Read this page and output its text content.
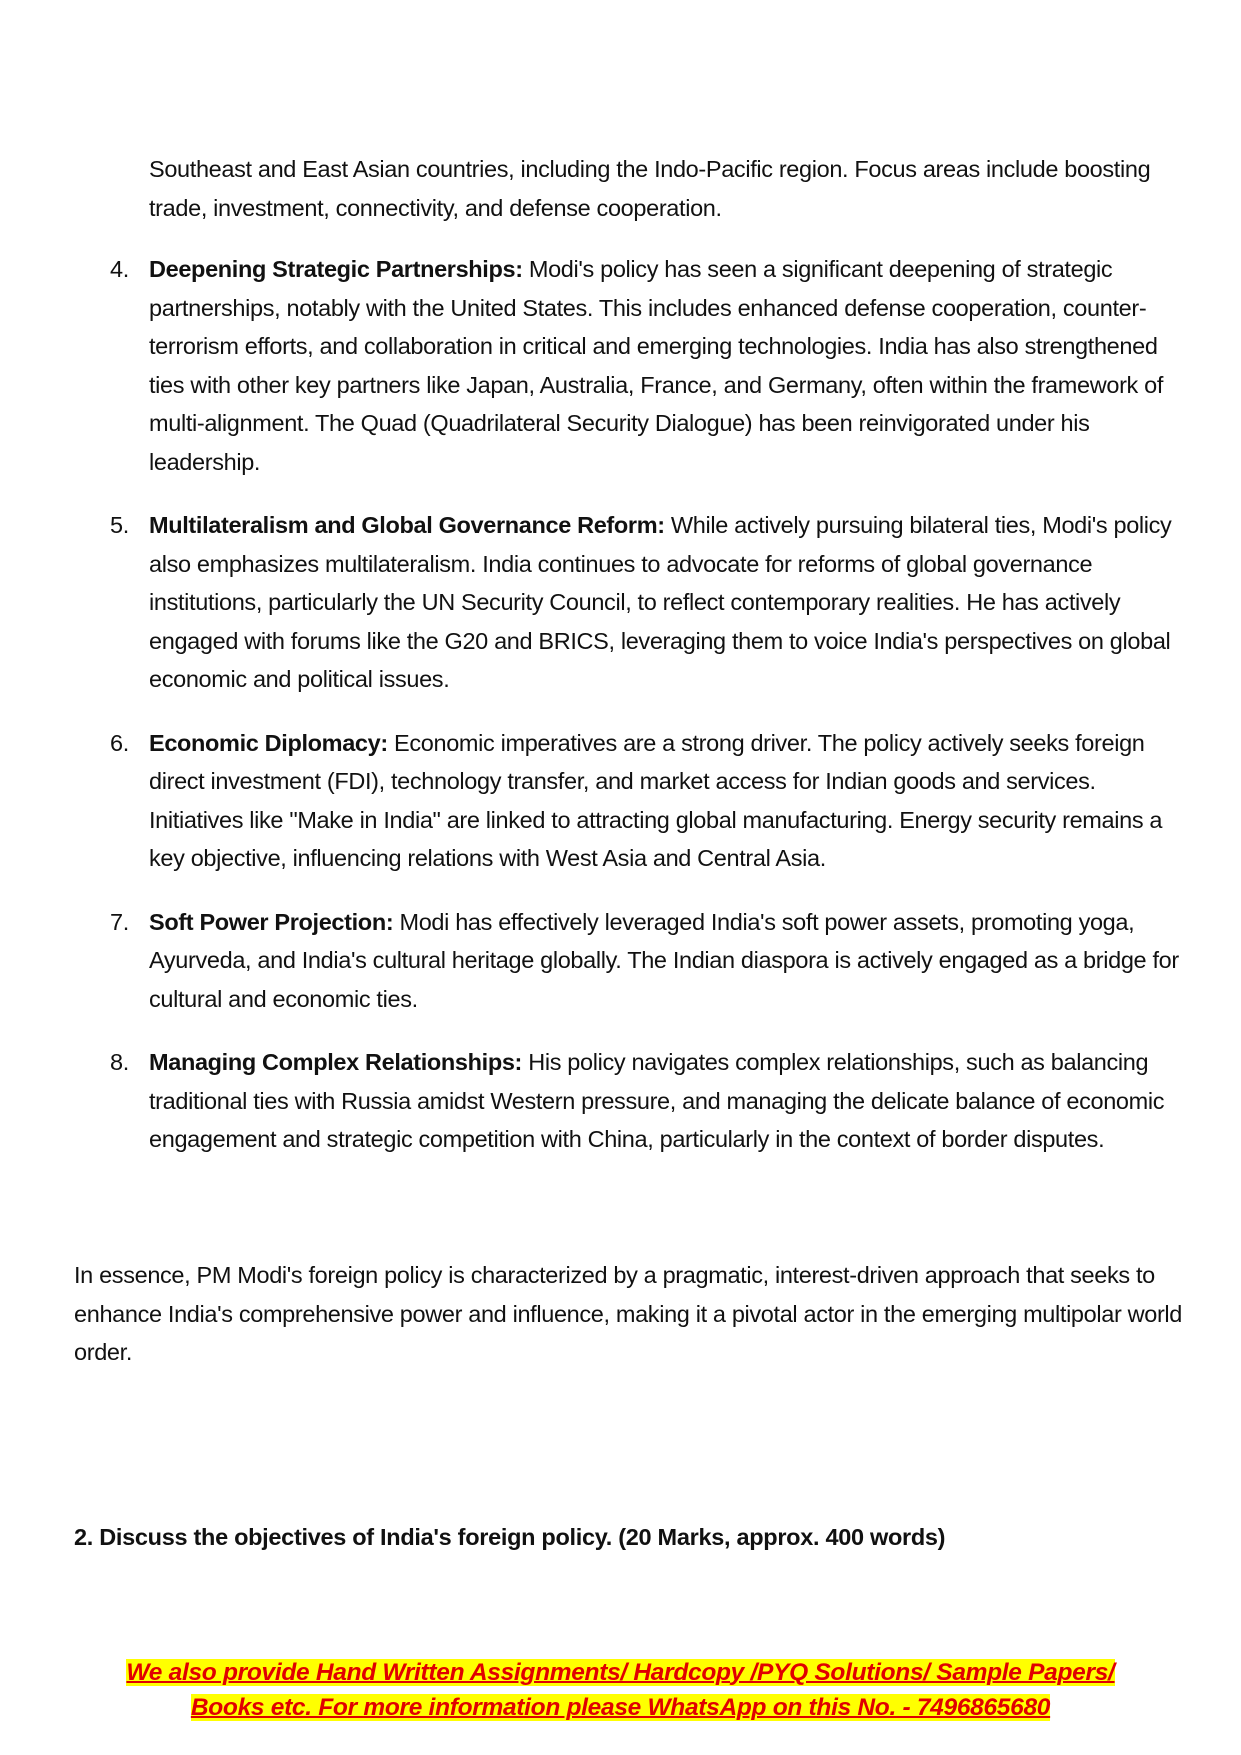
Southeast and East Asian countries, including the Indo-Pacific region. Focus areas include boosting trade, investment, connectivity, and defense cooperation.

4. Deepening Strategic Partnerships: Modi's policy has seen a significant deepening of strategic partnerships, notably with the United States. This includes enhanced defense cooperation, counter-terrorism efforts, and collaboration in critical and emerging technologies. India has also strengthened ties with other key partners like Japan, Australia, France, and Germany, often within the framework of multi-alignment. The Quad (Quadrilateral Security Dialogue) has been reinvigorated under his leadership.
5. Multilateralism and Global Governance Reform: While actively pursuing bilateral ties, Modi's policy also emphasizes multilateralism. India continues to advocate for reforms of global governance institutions, particularly the UN Security Council, to reflect contemporary realities. He has actively engaged with forums like the G20 and BRICS, leveraging them to voice India's perspectives on global economic and political issues.
6. Economic Diplomacy: Economic imperatives are a strong driver. The policy actively seeks foreign direct investment (FDI), technology transfer, and market access for Indian goods and services. Initiatives like "Make in India" are linked to attracting global manufacturing. Energy security remains a key objective, influencing relations with West Asia and Central Asia.
7. Soft Power Projection: Modi has effectively leveraged India's soft power assets, promoting yoga, Ayurveda, and India's cultural heritage globally. The Indian diaspora is actively engaged as a bridge for cultural and economic ties.
8. Managing Complex Relationships: His policy navigates complex relationships, such as balancing traditional ties with Russia amidst Western pressure, and managing the delicate balance of economic engagement and strategic competition with China, particularly in the context of border disputes.

In essence, PM Modi's foreign policy is characterized by a pragmatic, interest-driven approach that seeks to enhance India's comprehensive power and influence, making it a pivotal actor in the emerging multipolar world order.

2. Discuss the objectives of India's foreign policy. (20 Marks, approx. 400 words)

We also provide Hand Written Assignments/ Hardcopy /PYQ Solutions/ Sample Papers/
Books etc. For more information please WhatsApp on this No. - 7496865680
